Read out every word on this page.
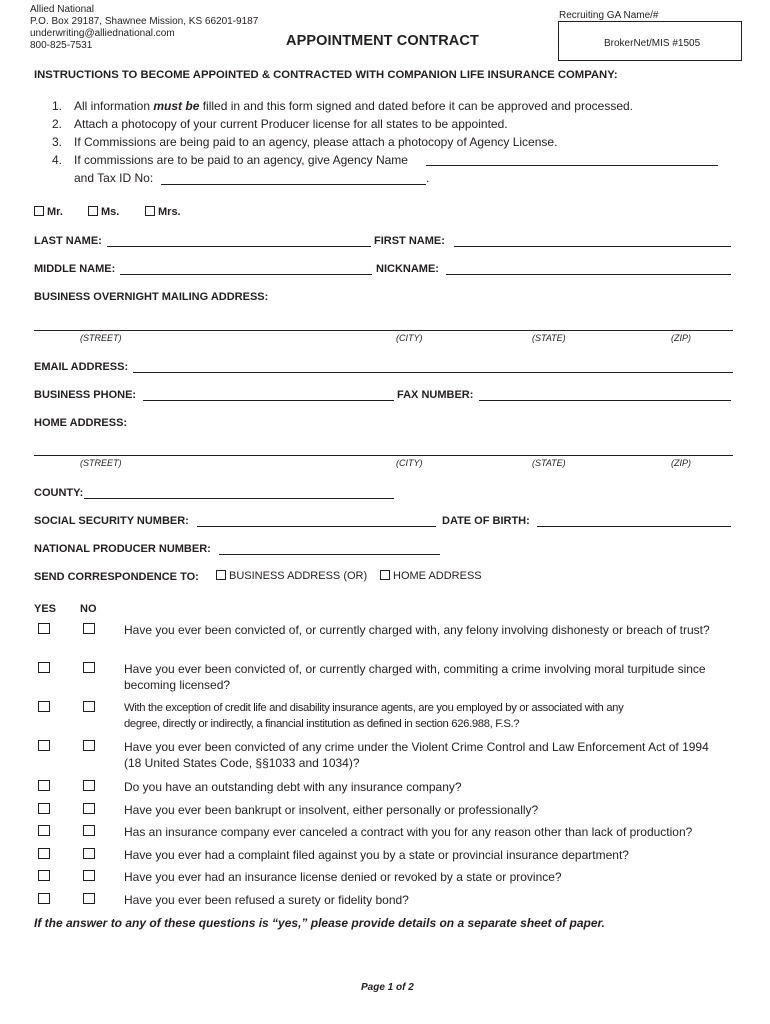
Allied National
P.O. Box 29187, Shawnee Mission, KS 66201-9187
underwriting@alliednational.com
800-825-7531	APPOINTMENT CONTRACT
Recruiting GA Name/#
BrokerNet/MIS #1505
INSTRUCTIONS TO BECOME APPOINTED & CONTRACTED WITH COMPANION LIFE INSURANCE COMPANY:
1. All information must be filled in and this form signed and dated before it can be approved and processed.
2. Attach a photocopy of your current Producer license for all states to be appointed.
3. If Commissions are being paid to an agency, please attach a photocopy of Agency License.
4. If commissions are to be paid to an agency, give Agency Name
and Tax ID No:	.
Mr.	Ms.	Mrs.
LAST NAME:	FIRST NAME:
MIDDLE NAME:	NICKNAME:
BUSINESS OVERNIGHT MAILING ADDRESS:
(STREET)	(CITY)	(STATE)	(ZIP)
EMAIL ADDRESS:
BUSINESS PHONE:	FAX NUMBER:
HOME ADDRESS:
(STREET)	(CITY)	(STATE)	(ZIP)
COUNTY:
SOCIAL SECURITY NUMBER:	DATE OF BIRTH:
NATIONAL PRODUCER NUMBER:
SEND CORRESPONDENCE TO:	BUSINESS ADDRESS (OR)	HOME ADDRESS
YES NO
Have you ever been convicted of, or currently charged with, any felony involving dishonesty or breach of trust?
Have you ever been convicted of, or currently charged with, commiting a crime involving moral turpitude since becoming licensed?
With the exception of credit life and disability insurance agents, are you employed by or associated with any degree, directly or indirectly, a financial institution as defined in section 626.988, F.S.?
Have you ever been convicted of any crime under the Violent Crime Control and Law Enforcement Act of 1994 (18 United States Code, §§1033 and 1034)?
Do you have an outstanding debt with any insurance company?
Have you ever been bankrupt or insolvent, either personally or professionally?
Has an insurance company ever canceled a contract with you for any reason other than lack of production?
Have you ever had a complaint filed against you by a state or provincial insurance department?
Have you ever had an insurance license denied or revoked by a state or province?
Have you ever been refused a surety or fidelity bond?
If the answer to any of these questions is “yes,” please provide details on a separate sheet of paper.
Page 1 of 2
